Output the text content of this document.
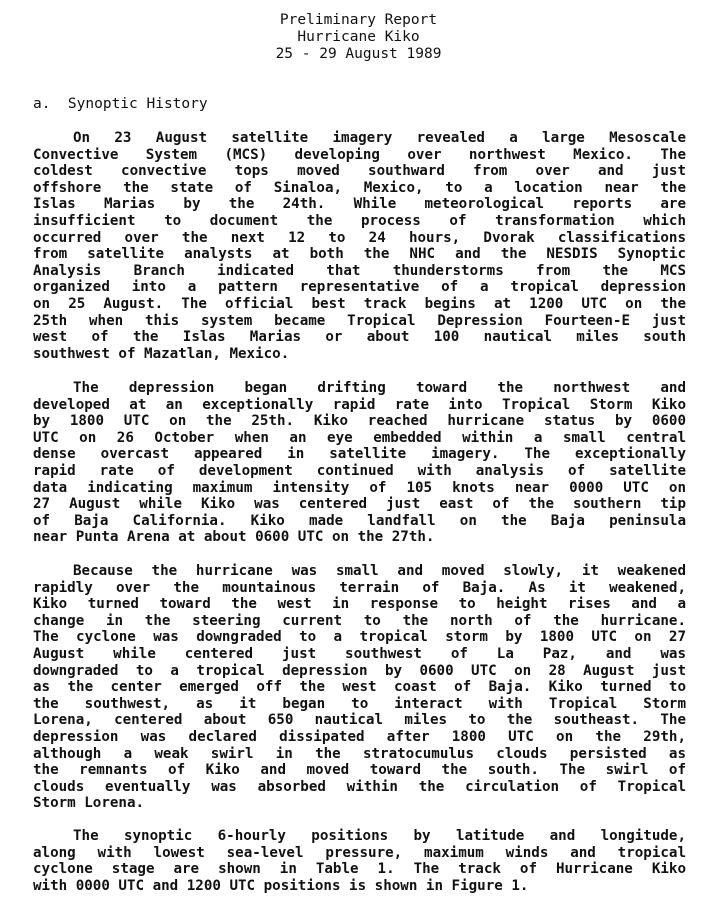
Preliminary Report
Hurricane Kiko
25 - 29 August 1989
a.  Synoptic History
On 23 August satellite imagery revealed a large Mesoscale
Convective System (MCS) developing over northwest Mexico. The
coldest convective tops moved southward from over and just
offshore the state of Sinaloa, Mexico, to a location near the
Islas Marias by the 24th. While meteorological reports are
insufficient to document the process of transformation which
occurred over the next 12 to 24 hours, Dvorak classifications
from satellite analysts at both the NHC and the NESDIS Synoptic
Analysis Branch indicated that thunderstorms from the MCS
organized into a pattern representative of a tropical depression
on 25 August. The official best track begins at 1200 UTC on the
25th when this system became Tropical Depression Fourteen-E just
west of the Islas Marias or about 100 nautical miles south
southwest of Mazatlan, Mexico.
The depression began drifting toward the northwest and
developed at an exceptionally rapid rate into Tropical Storm Kiko
by 1800 UTC on the 25th. Kiko reached hurricane status by 0600
UTC on 26 October when an eye embedded within a small central
dense overcast appeared in satellite imagery. The exceptionally
rapid rate of development continued with analysis of satellite
data indicating maximum intensity of 105 knots near 0000 UTC on
27 August while Kiko was centered just east of the southern tip
of Baja California. Kiko made landfall on the Baja peninsula
near Punta Arena at about 0600 UTC on the 27th.
Because the hurricane was small and moved slowly, it weakened
rapidly over the mountainous terrain of Baja. As it weakened,
Kiko turned toward the west in response to height rises and a
change in the steering current to the north of the hurricane.
The cyclone was downgraded to a tropical storm by 1800 UTC on 27
August while centered just southwest of La Paz, and was
downgraded to a tropical depression by 0600 UTC on 28 August just
as the center emerged off the west coast of Baja. Kiko turned to
the southwest, as it began to interact with Tropical Storm
Lorena, centered about 650 nautical miles to the southeast. The
depression was declared dissipated after 1800 UTC on the 29th,
although a weak swirl in the stratocumulus clouds persisted as
the remnants of Kiko and moved toward the south. The swirl of
clouds eventually was absorbed within the circulation of Tropical
Storm Lorena.
The synoptic 6-hourly positions by latitude and longitude,
along with lowest sea-level pressure, maximum winds and tropical
cyclone stage are shown in Table 1. The track of Hurricane Kiko
with 0000 UTC and 1200 UTC positions is shown in Figure 1.
